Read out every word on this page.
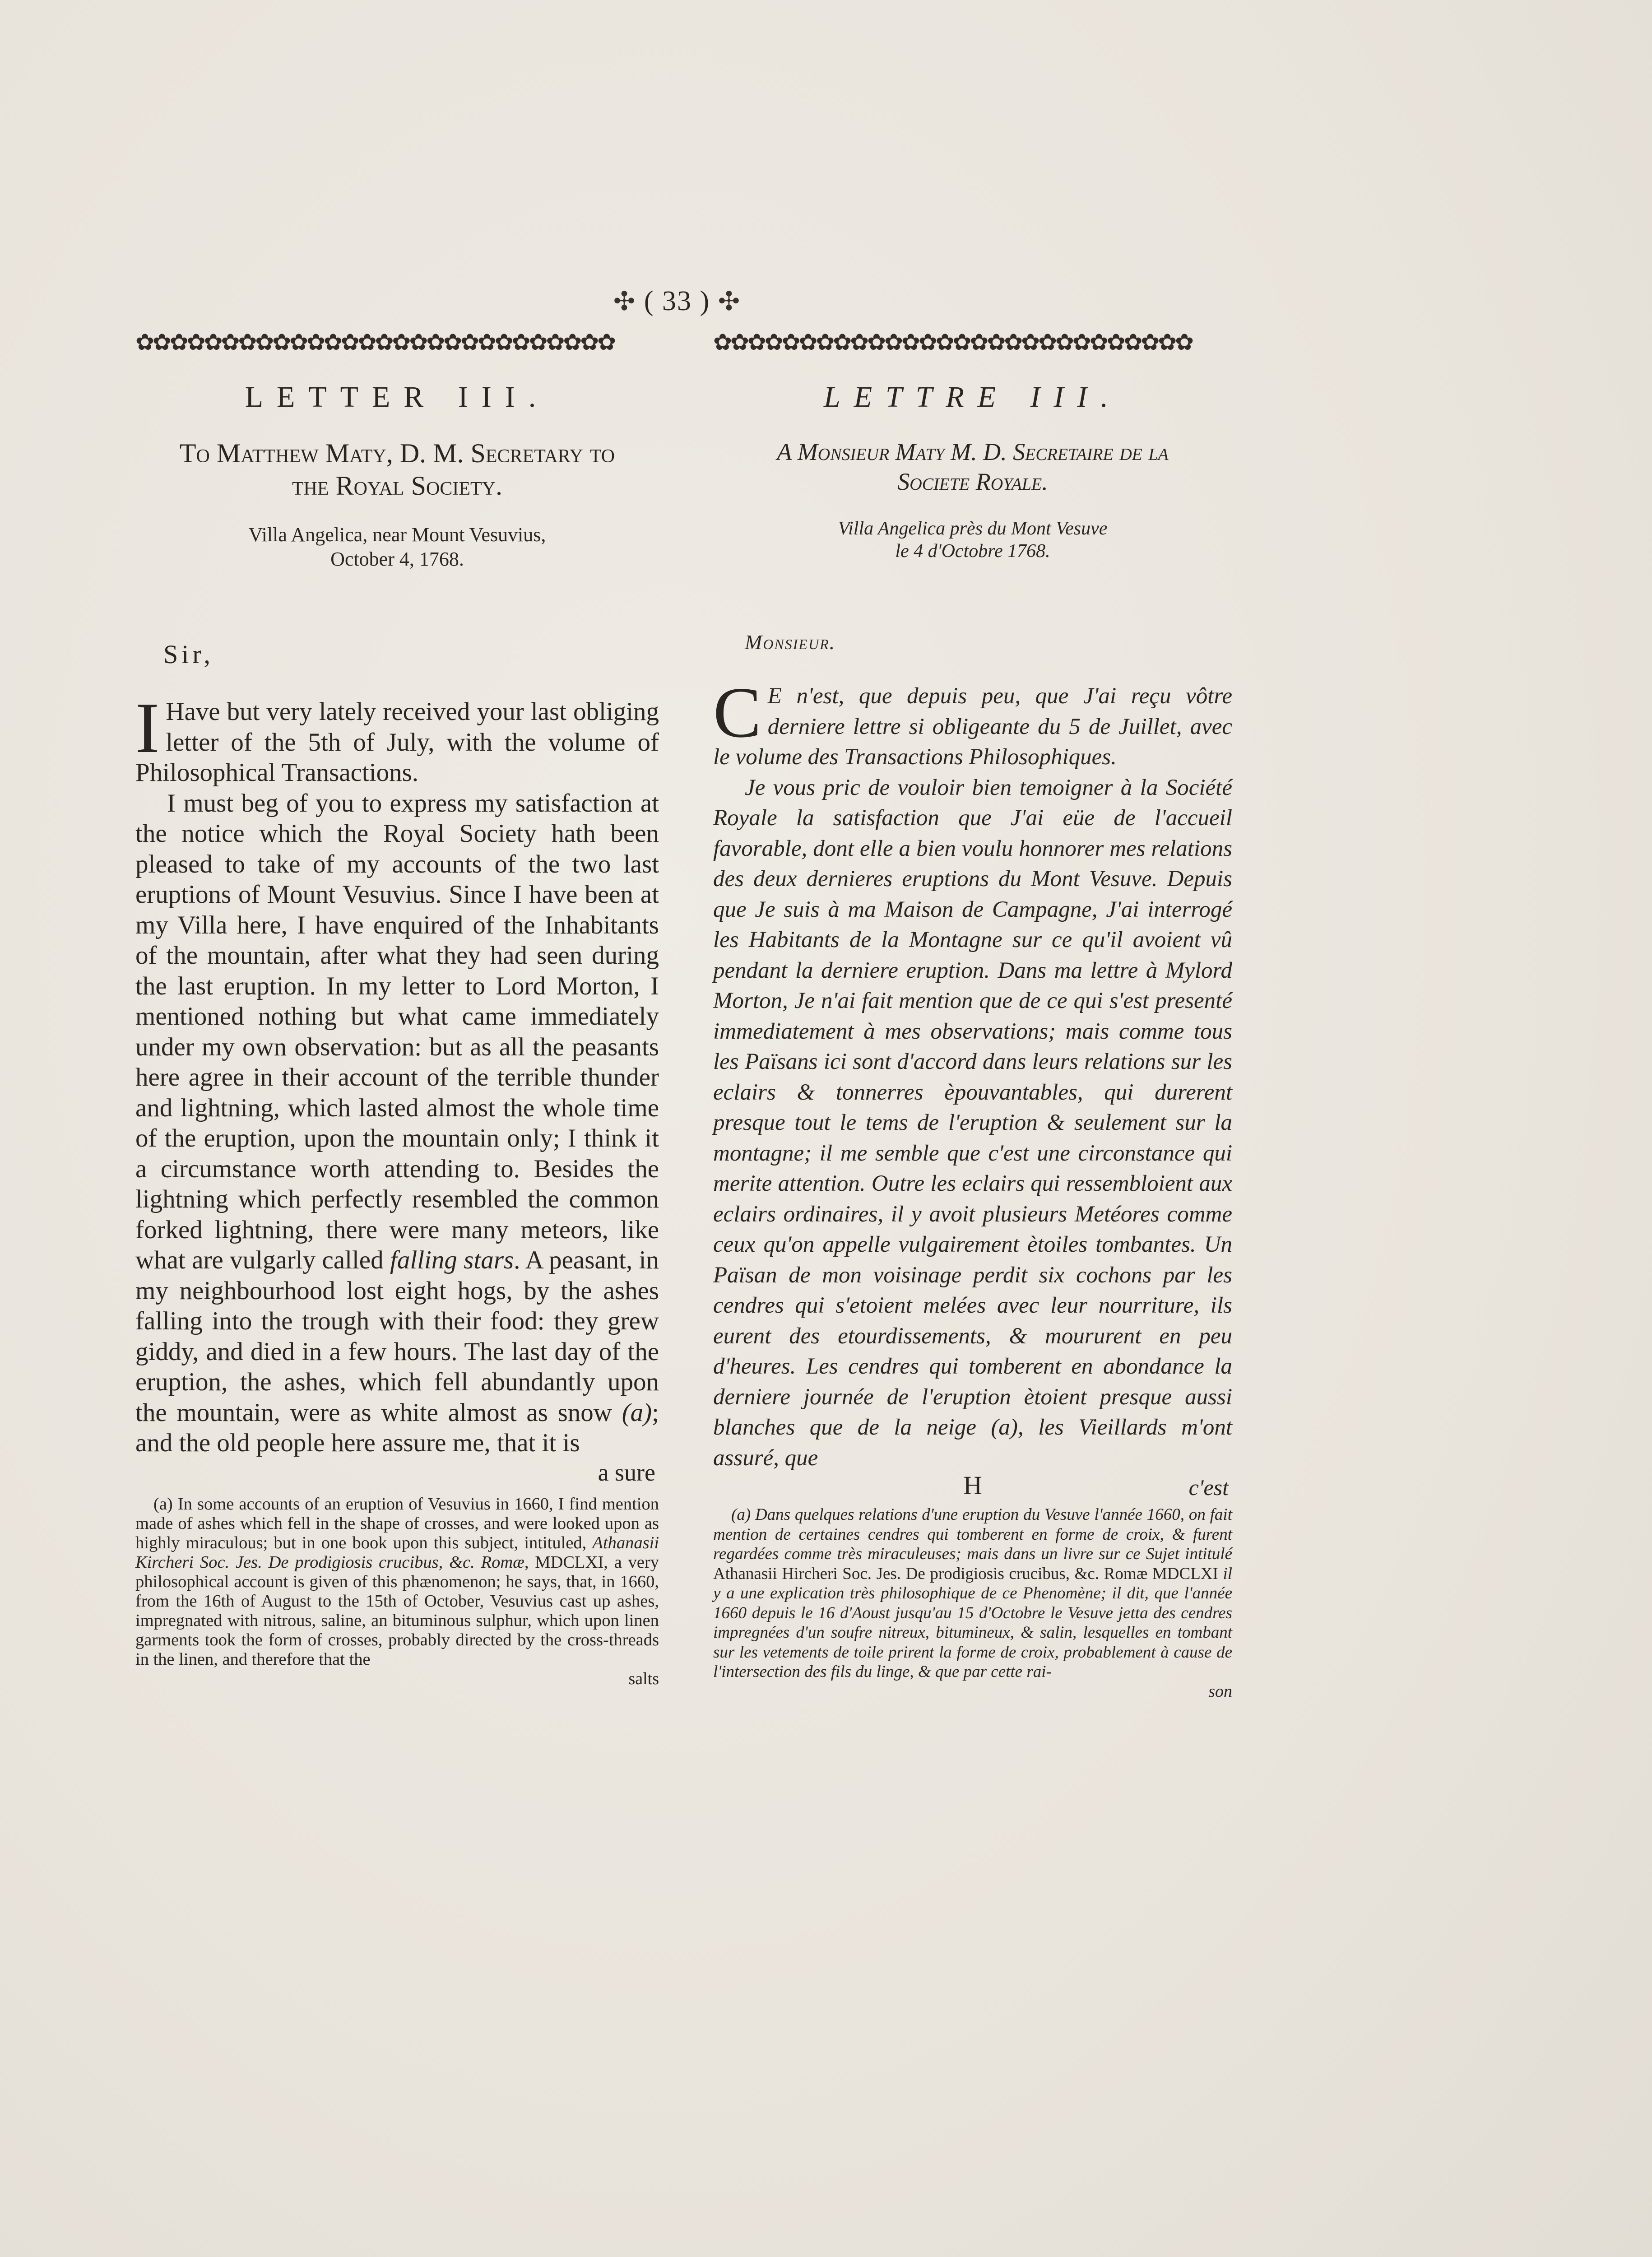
✣ ( 33 ) ✣
✿✿✿✿✿✿✿✿✿✿✿✿✿✿✿✿✿✿✿✿✿✿✿✿✿✿✿✿
LETTER III.
To Matthew Maty, D. M. Secretary to
the Royal Society.
Villa Angelica, near Mount Vesuvius,
October 4, 1768.
Sir,

I Have but very lately received your last obliging letter of the 5th of July, with the volume of Philosophical Transactions.

I must beg of you to express my satisfaction at the notice which the Royal Society hath been pleased to take of my accounts of the two last eruptions of Mount Vesuvius. Since I have been at my Villa here, I have enquired of the Inhabitants of the mountain, after what they had seen during the last eruption. In my letter to Lord Morton, I mentioned nothing but what came immediately under my own observation: but as all the peasants here agree in their account of the terrible thunder and lightning, which lasted almost the whole time of the eruption, upon the mountain only; I think it a circumstance worth attending to. Besides the lightning which perfectly resembled the common forked lightning, there were many meteors, like what are vulgarly called falling stars. A peasant, in my neighbourhood lost eight hogs, by the ashes falling into the trough with their food: they grew giddy, and died in a few hours. The last day of the eruption, the ashes, which fell abundantly upon the mountain, were as white almost as snow (a); and the old people here assure me, that it is

a sure

(a) In some accounts of an eruption of Vesuvius in 1660, I find mention made of ashes which fell in the shape of crosses, and were looked upon as highly miraculous; but in one book upon this subject, intituled, Athanasii Kircheri Soc. Jes. De prodigiosis crucibus, &c. Romæ, MDCLXI, a very philosophical account is given of this phænomenon; he says, that, in 1660, from the 16th of August to the 15th of October, Vesuvius cast up ashes, impregnated with nitrous, saline, an bituminous sulphur, which upon linen garments took the form of crosses, probably directed by the cross-threads in the linen, and therefore that the

salts
✿✿✿✿✿✿✿✿✿✿✿✿✿✿✿✿✿✿✿✿✿✿✿✿✿✿✿✿
LETTRE III.
A Monsieur Maty M. D. Secretaire de la
Societe Royale.
Villa Angelica près du Mont Vesuve
le 4 d'Octobre 1768.
Monsieur.

C E n'est, que depuis peu, que J'ai reçu vôtre derniere lettre si obligeante du 5 de Juillet, avec le volume des Transactions Philosophiques.

Je vous pric de vouloir bien temoigner à la Société Royale la satisfaction que J'ai eüe de l'accueil favorable, dont elle a bien voulu honnorer mes relations des deux dernieres eruptions du Mont Vesuve. Depuis que Je suis à ma Maison de Campagne, J'ai interrogé les Habitants de la Montagne sur ce qu'il avoient vû pendant la derniere eruption. Dans ma lettre à Mylord Morton, Je n'ai fait mention que de ce qui s'est presenté immediatement à mes observations; mais comme tous les Païsans ici sont d'accord dans leurs relations sur les eclairs & tonnerres èpouvantables, qui durerent presque tout le tems de l'eruption & seulement sur la montagne; il me semble que c'est une circonstance qui merite attention. Outre les eclairs qui ressembloient aux eclairs ordinaires, il y avoit plusieurs Metéores comme ceux qu'on appelle vulgairement ètoiles tombantes. Un Païsan de mon voisinage perdit six cochons par les cendres qui s'etoient melées avec leur nourriture, ils eurent des etourdissements, & moururent en peu d'heures. Les cendres qui tomberent en abondance la derniere journée de l'eruption ètoient presque aussi blanches que de la neige (a), les Vieillards m'ont assuré, que

c'est
H

(a) Dans quelques relations d'une eruption du Vesuve l'année 1660, on fait mention de certaines cendres qui tomberent en forme de croix, & furent regardées comme très miraculeuses; mais dans un livre sur ce Sujet intitulé Athanasii Hircheri Soc. Jes. De prodigiosis crucibus, &c. Romæ MDCLXI il y a une explication très philosophique de ce Phenomène; il dit, que l'année 1660 depuis le 16 d'Aoust jusqu'au 15 d'Octobre le Vesuve jetta des cendres impregnées d'un soufre nitreux, bitumineux, & salin, lesquelles en tombant sur les vetements de toile prirent la forme de croix, probablement à cause de l'intersection des fils du linge, & que par cette rai-

son
